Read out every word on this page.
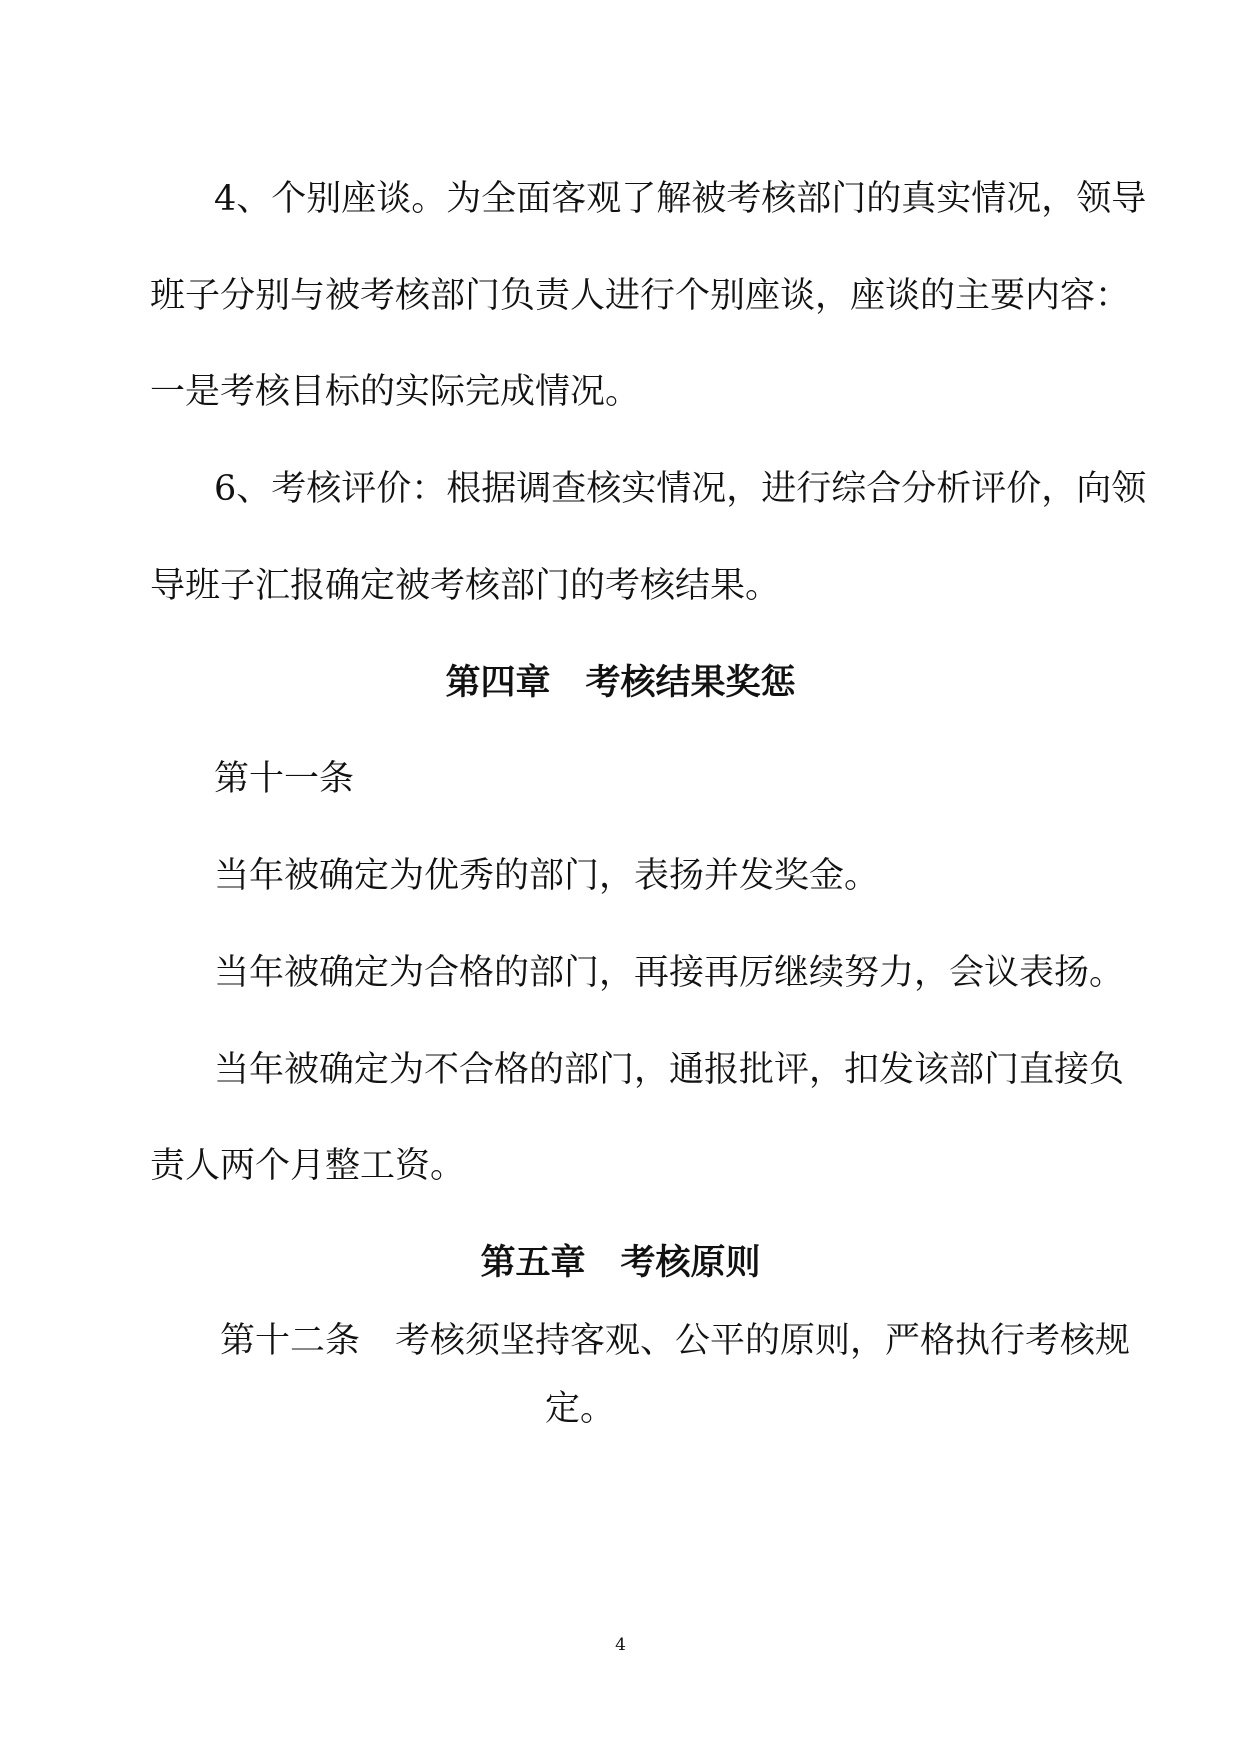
4、个别座谈。为全面客观了解被考核部门的真实情况，领导

班子分别与被考核部门负责人进行个别座谈，座谈的主要内容：

一是考核目标的实际完成情况。

6、考核评价：根据调查核实情况，进行综合分析评价，向领

导班子汇报确定被考核部门的考核结果。

第四章　考核结果奖惩

第十一条

当年被确定为优秀的部门，表扬并发奖金。

当年被确定为合格的部门，再接再厉继续努力，会议表扬。

当年被确定为不合格的部门，通报批评，扣发该部门直接负

责人两个月整工资。

第五章　考核原则

第十二条　考核须坚持客观、公平的原则，严格执行考核规

定。

4
